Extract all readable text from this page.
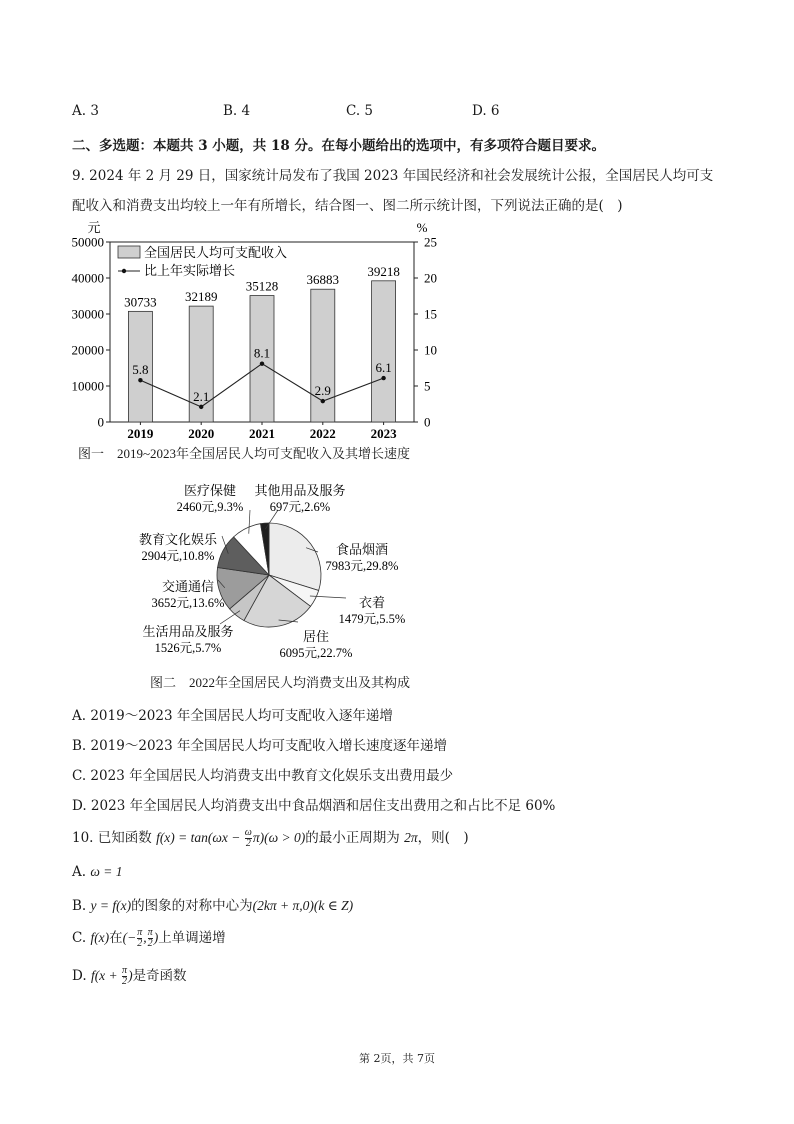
A. 3	B. 4	C. 5	D. 6
二、多选题：本题共 3 小题，共 18 分。在每小题给出的选项中，有多项符合题目要求。
9. 2024 年 2 月 29 日，国家统计局发布了我国 2023 年国民经济和社会发展统计公报，全国居民人均可支
配收入和消费支出均较上一年有所增长，结合图一、图二所示统计图，下列说法正确的是(　)
元	%
0
10000
20000
30000
40000
50000
0
5
10
15
20
25
30733
2019
32189
2020
35128
2021
36883
2022
39218
2023
5.8
2.1
8.1
2.9
6.1
全国居民人均可支配收入
比上年实际增长
图一　2019~2023年全国居民人均可支配收入及其增长速度
食品烟酒
7983元,29.8%
衣着
1479元,5.5%
居住
6095元,22.7%
生活用品及服务
1526元,5.7%
交通通信
3652元,13.6%
教育文化娱乐
2904元,10.8%
医疗保健
2460元,9.3%
其他用品及服务
697元,2.6%
图二　2022年全国居民人均消费支出及其构成
A. 2019～2023 年全国居民人均可支配收入逐年递增
B. 2019～2023 年全国居民人均可支配收入增长速度逐年递增
C. 2023 年全国居民人均消费支出中教育文化娱乐支出费用最少
D. 2023 年全国居民人均消费支出中食品烟酒和居住支出费用之和占比不足 60%
10. 已知函数 $f(x) = \tan(\omega x - \frac{\omega}{2} \pi)(\omega > 0)$的最小正周期为 2π，则(　)
A. ω = 1
B. y = f(x)的图象的对称中心为(2kπ + π,0)(k ∈ Z)
C. f(x)在(− $\frac{\pi}{2}$ , $\frac{\pi}{2}$ )上单调递增
D. $f(x + \frac{\pi}{2}$ )是奇函数
第 2页，共 7页
